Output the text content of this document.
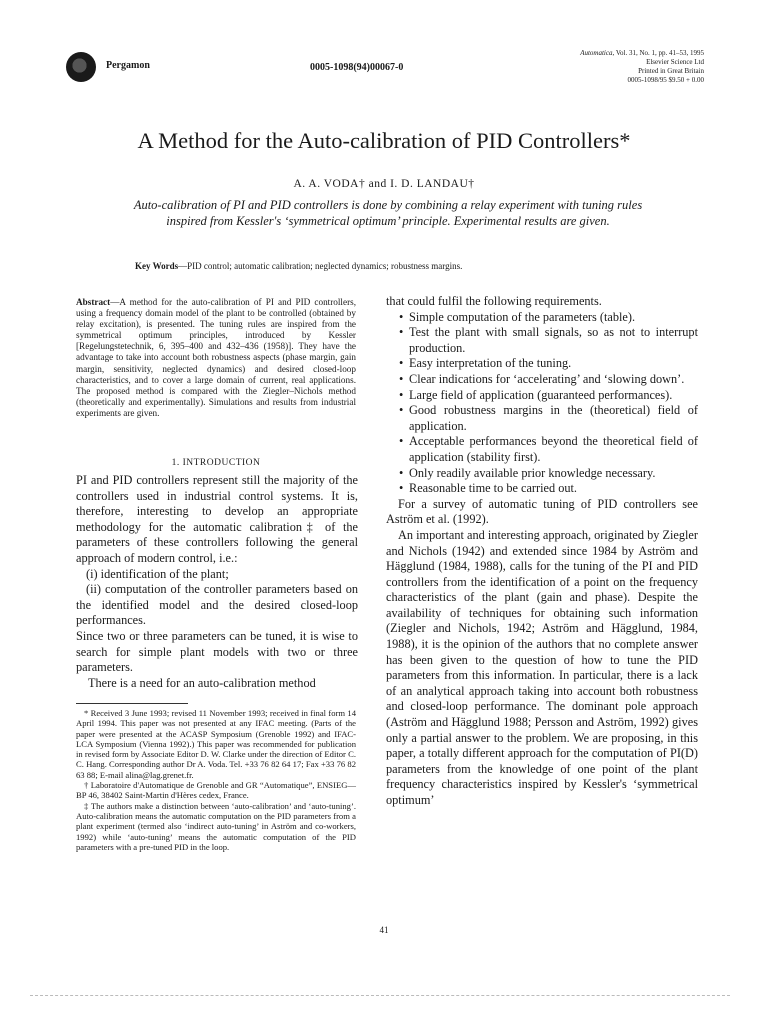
Pergamon	0005-1098(94)00067-0
Automatica, Vol. 31, No. 1, pp. 41–53, 1995
Elsevier Science Ltd
Printed in Great Britain
0005-1098/95 $9.50 + 0.00
A Method for the Auto-calibration of PID Controllers*
A. A. VODA† and I. D. LANDAU†
Auto-calibration of PI and PID controllers is done by combining a relay experiment with tuning rules inspired from Kessler's ‘symmetrical optimum’ principle. Experimental results are given.
Key Words—PID control; automatic calibration; neglected dynamics; robustness margins.
Abstract—A method for the auto-calibration of PI and PID controllers, using a frequency domain model of the plant to be controlled (obtained by relay excitation), is presented. The tuning rules are inspired from the symmetrical optimum principles, introduced by Kessler [Regelungstetechnik, 6, 395–400 and 432–436 (1958)]. They have the advantage to take into account both robustness aspects (phase margin, gain margin, sensitivity, neglected dynamics) and desired closed-loop characteristics, and to cover a large domain of current, real applications. The proposed method is compared with the Ziegler–Nichols method (theoretically and experimentally). Simulations and results from industrial experiments are given.
1. INTRODUCTION

PI and PID controllers represent still the majority of the controllers used in industrial control systems. It is, therefore, interesting to develop an appropriate methodology for the automatic calibration‡ of the parameters of these controllers following the general approach of modern control, i.e.:

(i) identification of the plant;

(ii) computation of the controller parameters based on the identified model and the desired closed-loop performances.

Since two or three parameters can be tuned, it is wise to search for simple plant models with two or three parameters.

There is a need for an auto-calibration method

* Received 3 June 1993; revised 11 November 1993; received in final form 14 April 1994. This paper was not presented at any IFAC meeting. (Parts of the paper were presented at the ACASP Symposium (Grenoble 1992) and IFAC-LCA Symposium (Vienna 1992).) This paper was recommended for publication in revised form by Associate Editor D. W. Clarke under the direction of Editor C. C. Hang. Corresponding author Dr A. Voda. Tel. +33 76 82 64 17; Fax +33 76 82 63 88; E-mail alina@lag.grenet.fr.

† Laboratoire d'Automatique de Grenoble and GR “Automatique”, ENSIEG—BP 46, 38402 Saint-Martin d'Hères cedex, France.

‡ The authors make a distinction between ‘auto-calibration’ and ‘auto-tuning’. Auto-calibration means the automatic computation on the PID parameters from a plant experiment (termed also ‘indirect auto-tuning’ in Aström and co-workers, 1992) while ‘auto-tuning’ means the automatic computation of the PID parameters with a pre-tuned PID in the loop.

that could fulfil the following requirements.

• Simple computation of the parameters (table).
• Test the plant with small signals, so as not to interrupt production.
• Easy interpretation of the tuning.
• Clear indications for ‘accelerating’ and ‘slowing down’.
• Large field of application (guaranteed performances).
• Good robustness margins in the (theoretical) field of application.
• Acceptable performances beyond the theoretical field of application (stability first).
• Only readily available prior knowledge necessary.
• Reasonable time to be carried out.

For a survey of automatic tuning of PID controllers see Aström et al. (1992).

An important and interesting approach, originated by Ziegler and Nichols (1942) and extended since 1984 by Aström and Hägglund (1984, 1988), calls for the tuning of the PI and PID controllers from the identification of a point on the frequency characteristics of the plant (gain and phase). Despite the availability of techniques for obtaining such information (Ziegler and Nichols, 1942; Aström and Hägglund, 1984, 1988), it is the opinion of the authors that no complete answer has been given to the question of how to tune the PID parameters from this information. In particular, there is a lack of an analytical approach taking into account both robustness and closed-loop performance. The dominant pole approach (Aström and Hägglund 1988; Persson and Aström, 1992) gives only a partial answer to the problem. We are proposing, in this paper, a totally different approach for the computation of PI(D) parameters from the knowledge of one point of the plant frequency characteristics inspired by Kessler's ‘symmetrical optimum’

41
